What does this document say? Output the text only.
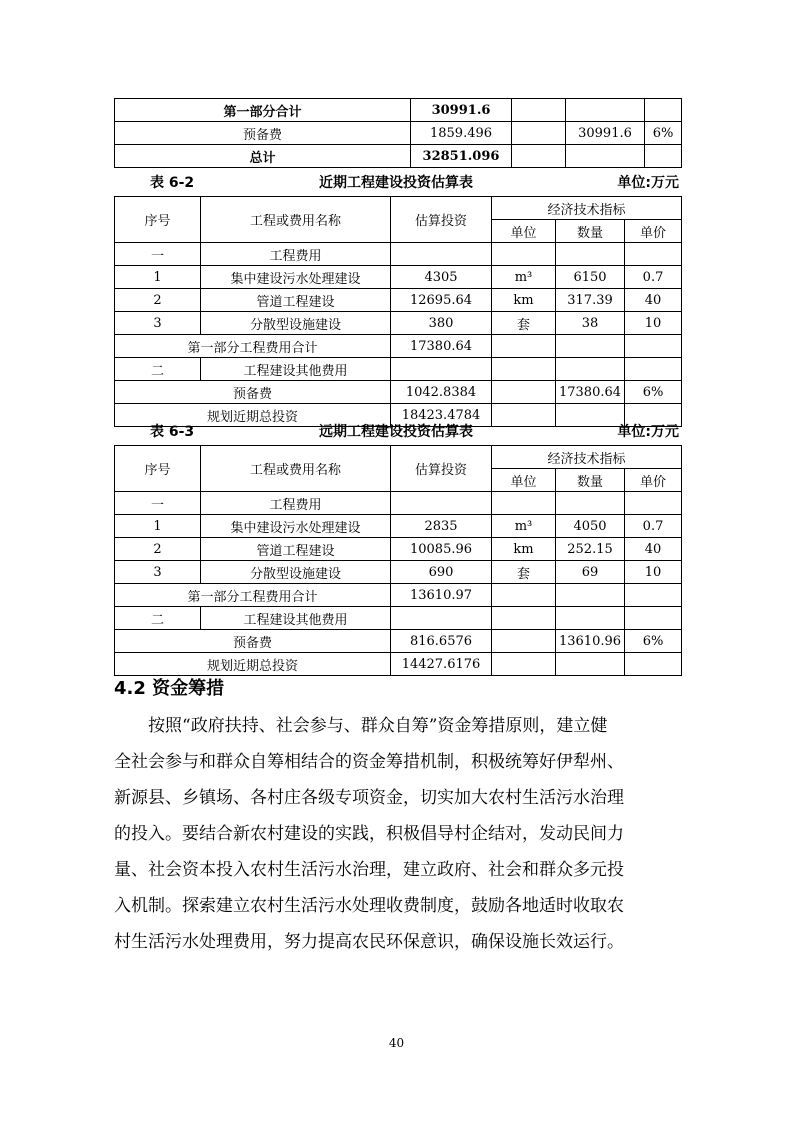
第一部分合计	30991.6			
预备费	1859.496		30991.6	6%
总计	32851.096			
表 6-2	近期工程建设投资估算表	单位:万元
序号	工程或费用名称	估算投资	经济技术指标		
			单位	数量	单价
一	工程费用				
1	集中建设污水处理建设	4305	m³	6150	0.7
2	管道工程建设	12695.64	km	317.39	40
3	分散型设施建设	380	套	38	10
第一部分工程费用合计		17380.64			
二	工程建设其他费用				
预备费		1042.8384		17380.64	6%
规划近期总投资		18423.4784			
表 6-3	远期工程建设投资估算表	单位:万元
序号	工程或费用名称	估算投资	经济技术指标		
			单位	数量	单价
一	工程费用				
1	集中建设污水处理建设	2835	m³	4050	0.7
2	管道工程建设	10085.96	km	252.15	40
3	分散型设施建设	690	套	69	10
第一部分工程费用合计		13610.97			
二	工程建设其他费用				
预备费		816.6576		13610.96	6%
规划近期总投资		14427.6176			
4.2 资金筹措
　　按照“政府扶持、社会参与、群众自筹”资金筹措原则，建立健
全社会参与和群众自筹相结合的资金筹措机制，积极统筹好伊犁州、
新源县、乡镇场、各村庄各级专项资金，切实加大农村生活污水治理
的投入。要结合新农村建设的实践，积极倡导村企结对，发动民间力
量、社会资本投入农村生活污水治理，建立政府、社会和群众多元投
入机制。探索建立农村生活污水处理收费制度，鼓励各地适时收取农
村生活污水处理费用，努力提高农民环保意识，确保设施长效运行。
40
